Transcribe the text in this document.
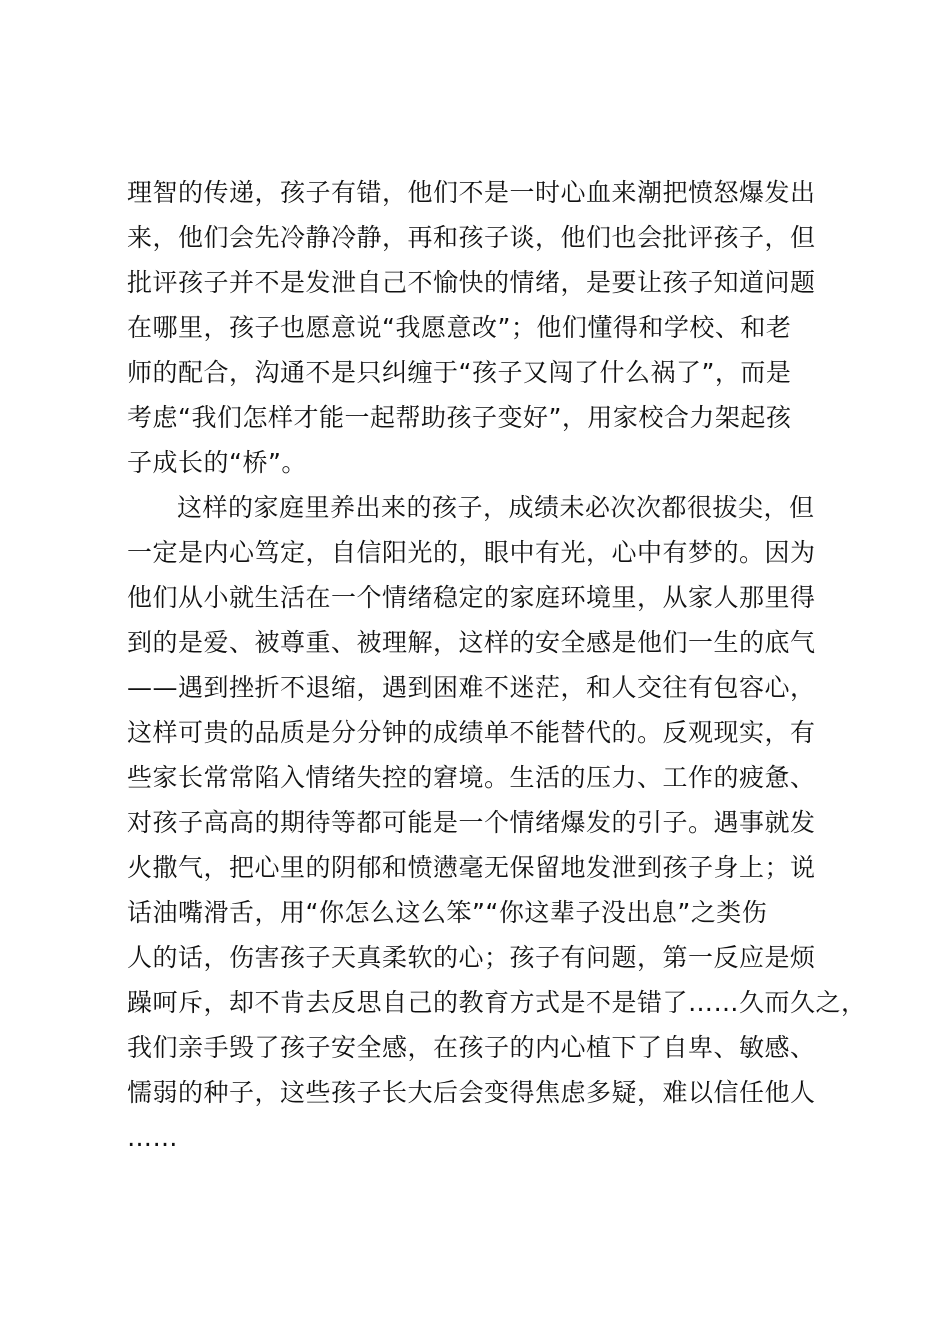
理智的传递，孩子有错，他们不是一时心血来潮把愤怒爆发出
来，他们会先冷静冷静，再和孩子谈，他们也会批评孩子，但
批评孩子并不是发泄自己不愉快的情绪，是要让孩子知道问题
在哪里，孩子也愿意说“我愿意改”；他们懂得和学校、和老
师的配合，沟通不是只纠缠于“孩子又闯了什么祸了”，而是
考虑“我们怎样才能一起帮助孩子变好”，用家校合力架起孩
子成长的“桥”。
这样的家庭里养出来的孩子，成绩未必次次都很拔尖，但
一定是内心笃定，自信阳光的，眼中有光，心中有梦的。因为
他们从小就生活在一个情绪稳定的家庭环境里，从家人那里得
到的是爱、被尊重、被理解，这样的安全感是他们一生的底气
——遇到挫折不退缩，遇到困难不迷茫，和人交往有包容心，
这样可贵的品质是分分钟的成绩单不能替代的。反观现实，有
些家长常常陷入情绪失控的窘境。生活的压力、工作的疲惫、
对孩子高高的期待等都可能是一个情绪爆发的引子。遇事就发
火撒气，把心里的阴郁和愤懑毫无保留地发泄到孩子身上；说
话油嘴滑舌，用“你怎么这么笨”“你这辈子没出息”之类伤
人的话，伤害孩子天真柔软的心；孩子有问题，第一反应是烦
躁呵斥，却不肯去反思自己的教育方式是不是错了……久而久之，
我们亲手毁了孩子安全感，在孩子的内心植下了自卑、敏感、
懦弱的种子，这些孩子长大后会变得焦虑多疑，难以信任他人
……
